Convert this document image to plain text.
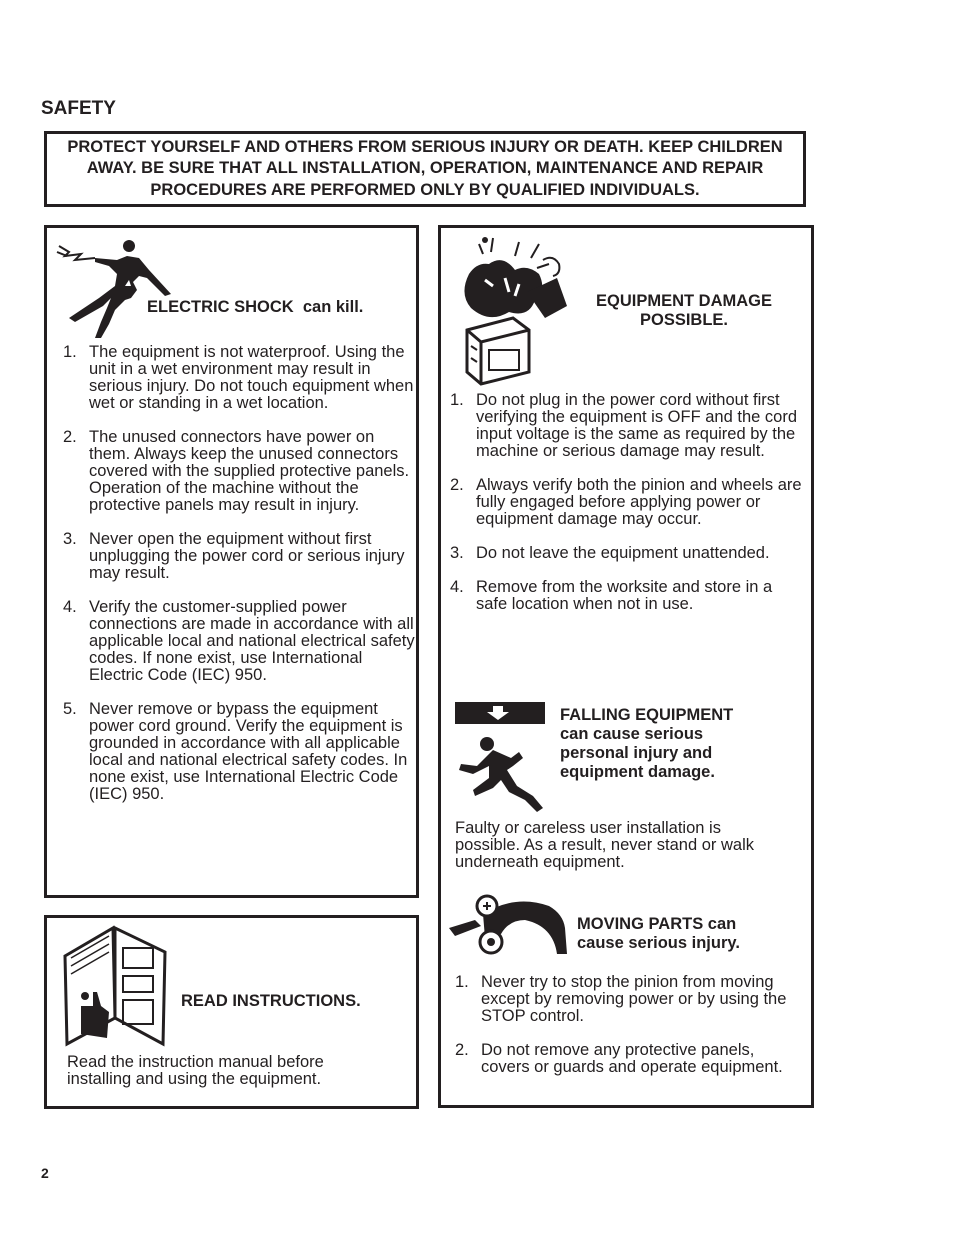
SAFETY
PROTECT YOURSELF AND OTHERS FROM SERIOUS INJURY OR DEATH. KEEP CHILDREN AWAY. BE SURE THAT ALL INSTALLATION, OPERATION, MAINTENANCE AND REPAIR PROCEDURES ARE PERFORMED ONLY BY QUALIFIED INDIVIDUALS.
ELECTRIC SHOCK  can kill.
1. The equipment is not waterproof. Using the unit in a wet environment may result in serious injury. Do not touch equipment when wet or standing in a wet location.
2. The unused connectors have power on them. Always keep the unused connectors covered with the supplied protective panels. Operation of the machine without the protective panels may result in injury.
3. Never open the equipment without first unplugging the power cord or serious injury may result.
4. Verify the customer-supplied power connections are made in accordance with all applicable local and national electrical safety codes. If none exist, use International Electric Code (IEC) 950.
5. Never remove or bypass the equipment power cord ground. Verify the equipment is grounded in accordance with all applicable local and national electrical safety codes. In none exist, use International Electric Code (IEC) 950.
READ INSTRUCTIONS.
Read the instruction manual before installing and using the equipment.
EQUIPMENT DAMAGE POSSIBLE.
1. Do not plug in the power cord without first verifying the equipment is OFF and the cord input voltage is the same as required by the machine or serious damage may result.
2. Always verify both the pinion and wheels are fully engaged before applying power or equipment damage may occur.
3. Do not leave the equipment unattended.
4. Remove from the worksite and store in a safe location when not in use.
FALLING EQUIPMENT
can cause serious personal injury and equipment damage.
Faulty or careless user installation is possible. As a result, never stand or walk underneath equipment.
MOVING PARTS can cause serious injury.
1. Never try to stop the pinion from moving except by removing power or by using the STOP control.
2. Do not remove any protective panels, covers or guards and operate equipment.
2
